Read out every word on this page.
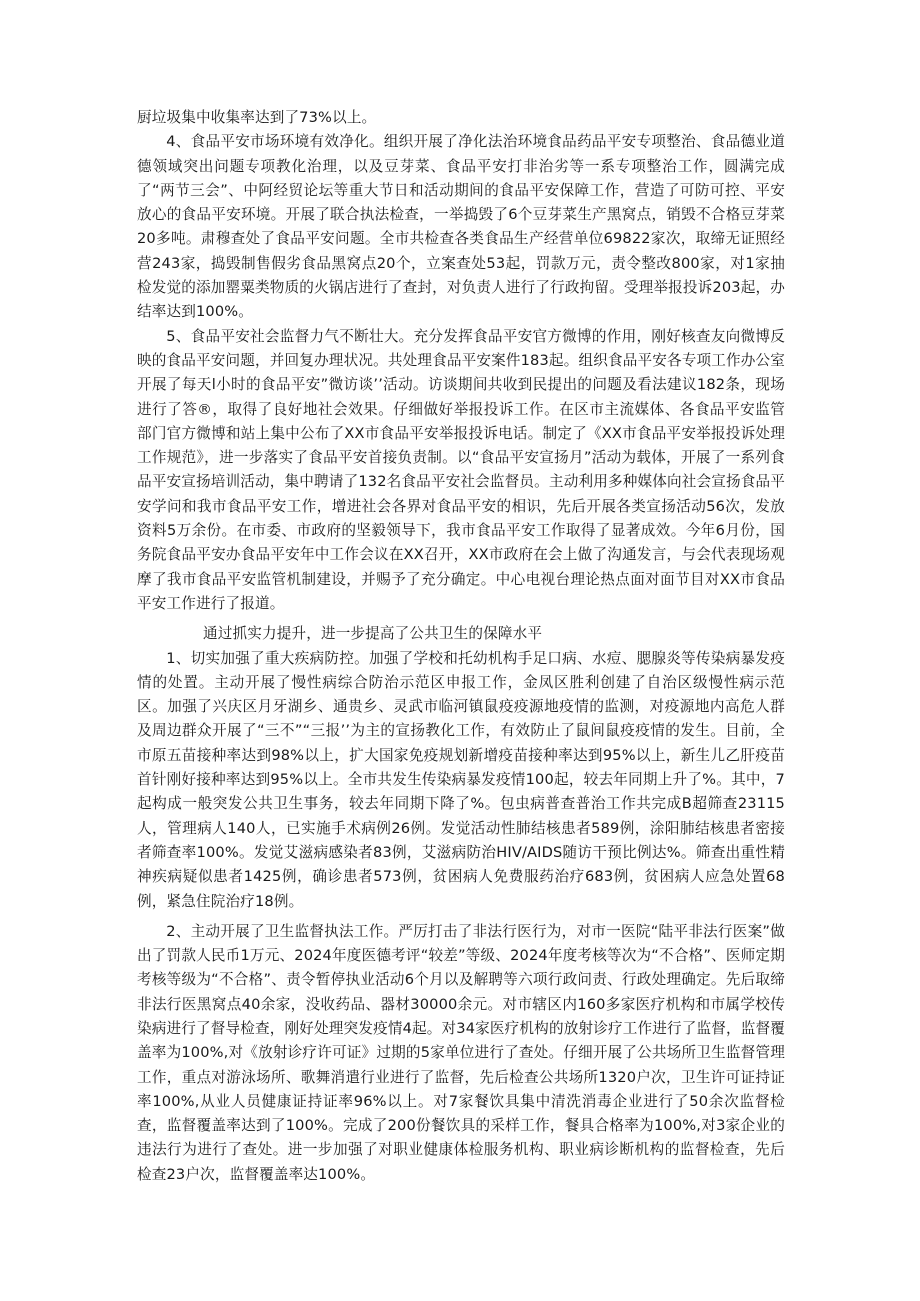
厨垃圾集中收集率达到了73%以上。

4、食品平安市场环境有效净化。组织开展了净化法治环境食品药品平安专项整治、食品德业道德领域突出问题专项教化治理，以及豆芽菜、食品平安打非治劣等一系专项整治工作，圆满完成了“两节三会”、中阿经贸论坛等重大节日和活动期间的食品平安保障工作，营造了可防可控、平安放心的食品平安环境。开展了联合执法检查，一举捣毁了6个豆芽菜生产黑窝点，销毁不合格豆芽菜20多吨。肃穆查处了食品平安问题。全市共检查各类食品生产经营单位69822家次，取缔无证照经营243家，捣毁制售假劣食品黑窝点20个，立案查处53起，罚款万元，责令整改800家，对1家抽检发觉的添加罂粟类物质的火锅店进行了查封，对负责人进行了行政拘留。受理举报投诉203起，办结率达到100%。

5、食品平安社会监督力气不断壮大。充分发挥食品平安官方微博的作用，刚好核查友向微博反映的食品平安问题，并回复办理状况。共处理食品平安案件183起。组织食品平安各专项工作办公室开展了每天l小时的食品平安”微访谈’’活动。访谈期间共收到民提出的问题及看法建议182条，现场进行了答®，取得了良好地社会效果。仔细做好举报投诉工作。在区市主流媒体、各食品平安监管部门官方微博和站上集中公布了XX市食品平安举报投诉电话。制定了《XX市食品平安举报投诉处理工作规范》，进一步落实了食品平安首接负责制。以“食品平安宣扬月”活动为载体，开展了一系列食品平安宣扬培训活动，集中聘请了132名食品平安社会监督员。主动利用多种媒体向社会宣扬食品平安学问和我市食品平安工作，增进社会各界对食品平安的相识，先后开展各类宣扬活动56次，发放资料5万余份。在市委、市政府的坚毅领导下，我市食品平安工作取得了显著成效。今年6月份，国务院食品平安办食品平安年中工作会议在XX召开，XX市政府在会上做了沟通发言，与会代表现场观摩了我市食品平安监管机制建设，并赐予了充分确定。中心电视台理论热点面对面节目对XX市食品平安工作进行了报道。

通过抓实力提升，进一步提高了公共卫生的保障水平

1、切实加强了重大疾病防控。加强了学校和托幼机构手足口病、水痘、腮腺炎等传染病暴发疫情的处置。主动开展了慢性病综合防治示范区申报工作，金凤区胜利创建了自治区级慢性病示范区。加强了兴庆区月牙湖乡、通贵乡、灵武市临河镇鼠疫疫源地疫情的监测，对疫源地内高危人群及周边群众开展了“三不”“三报’’为主的宣扬教化工作，有效防止了鼠间鼠疫疫情的发生。目前，全市原五苗接种率达到98%以上，扩大国家免疫规划新增疫苗接种率达到95%以上，新生儿乙肝疫苗首针刚好接种率达到95%以上。全市共发生传染病暴发疫情100起，较去年同期上升了%。其中，7起构成一般突发公共卫生事务，较去年同期下降了%。包虫病普查普治工作共完成B超筛查23115人，管理病人140人，已实施手术病例26例。发觉活动性肺结核患者589例，涂阳肺结核患者密接者筛查率100%。发觉艾滋病感染者83例，艾滋病防治HIV/AIDS随访干预比例达%。筛查出重性精神疾病疑似患者1425例，确诊患者573例，贫困病人免费服药治疗683例，贫困病人应急处置68例，紧急住院治疗18例。

2、主动开展了卫生监督执法工作。严厉打击了非法行医行为，对市一医院“陆平非法行医案”做出了罚款人民币1万元、2024年度医德考评“较差”等级、2024年度考核等次为“不合格”、医师定期考核等级为“不合格”、责令暂停执业活动6个月以及解聘等六项行政问责、行政处理确定。先后取缔非法行医黑窝点40余家，没收药品、器材30000余元。对市辖区内160多家医疗机构和市属学校传染病进行了督导检查，刚好处理突发疫情4起。对34家医疗机构的放射诊疗工作进行了监督，监督覆盖率为100%,对《放射诊疗许可证》过期的5家单位进行了查处。仔细开展了公共场所卫生监督管理工作，重点对游泳场所、歌舞消遣行业进行了监督，先后检查公共场所1320户次，卫生许可证持证率100%,从业人员健康证持证率96%以上。对7家餐饮具集中清洗消毒企业进行了50余次监督检查，监督覆盖率达到了100%。完成了200份餐饮具的采样工作，餐具合格率为100%,对3家企业的违法行为进行了查处。进一步加强了对职业健康体检服务机构、职业病诊断机构的监督检查，先后检查23户次，监督覆盖率达100%。
